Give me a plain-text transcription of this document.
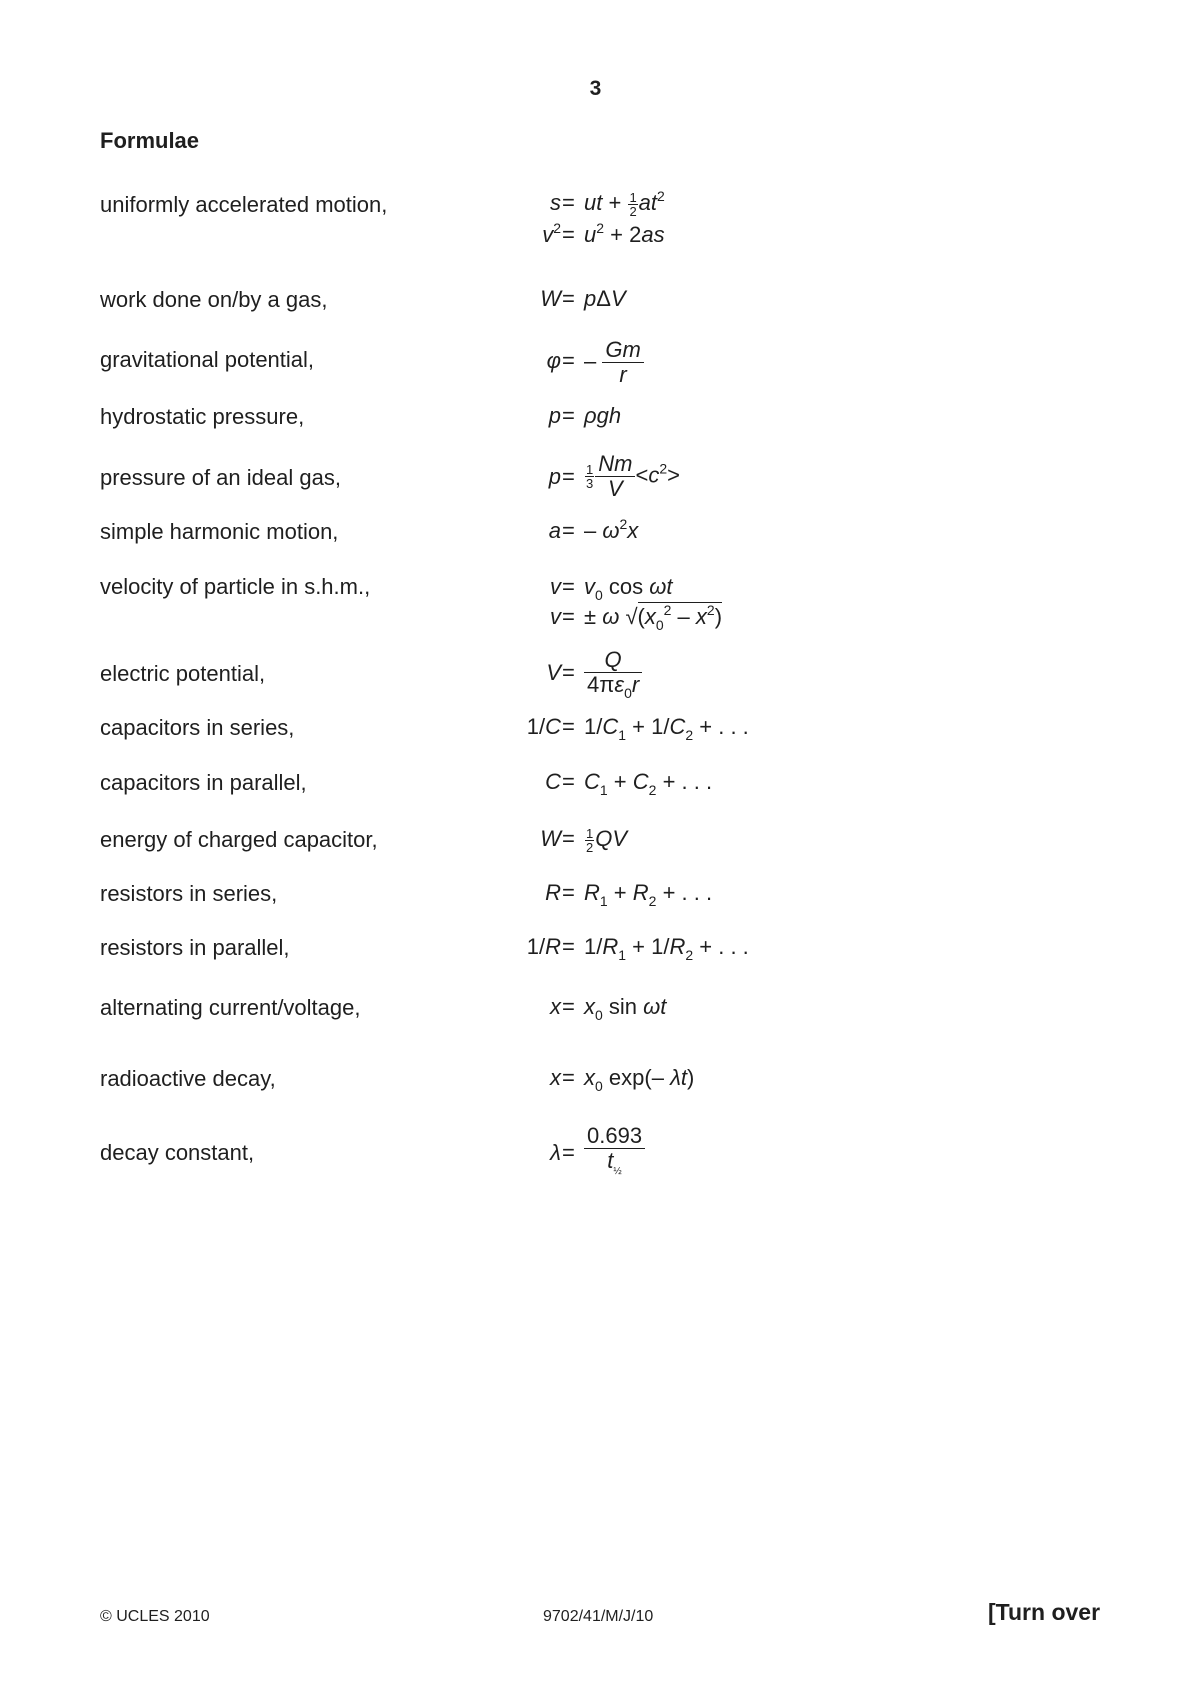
3
Formulae
uniformly accelerated motion,
work done on/by a gas,
gravitational potential,
hydrostatic pressure,
pressure of an ideal gas,
simple harmonic motion,
velocity of particle in s.h.m.,
electric potential,
capacitors in series,
capacitors in parallel,
energy of charged capacitor,
resistors in series,
resistors in parallel,
alternating current/voltage,
radioactive decay,
decay constant,
s = ut + $\frac{1}{2} at^2$
$v^2 = u^2 + 2as$
W = pΔV
φ = – $\frac{Gm}{r}$
p = ρgh
$p = \frac{1}{3} \frac{Nm}{V} <c^2>$
a = – $\omega^2x$
$v = v_0$ cos ωt
v = ± ω $√(x_0^2 - x^2)$
$V = \frac{Q}{4\pi\varepsilon_0r}$
$1/C = 1/C_1 + 1/C_2$ + . . .
$C = C_1 + C_2$ + . . .
$W = \frac{1}{2}$ QV
$R = R_1 + R_2$ + . . .
$1/R = 1/R_1 + 1/R_2$ + . . .
$x = x_0$ sin ωt
$x = x_0$ exp(– λt)
$\lambda = \frac{0.693}{t_{\frac{1}{2}}}$
© UCLES 2010	9702/41/M/J/10	[Turn over
